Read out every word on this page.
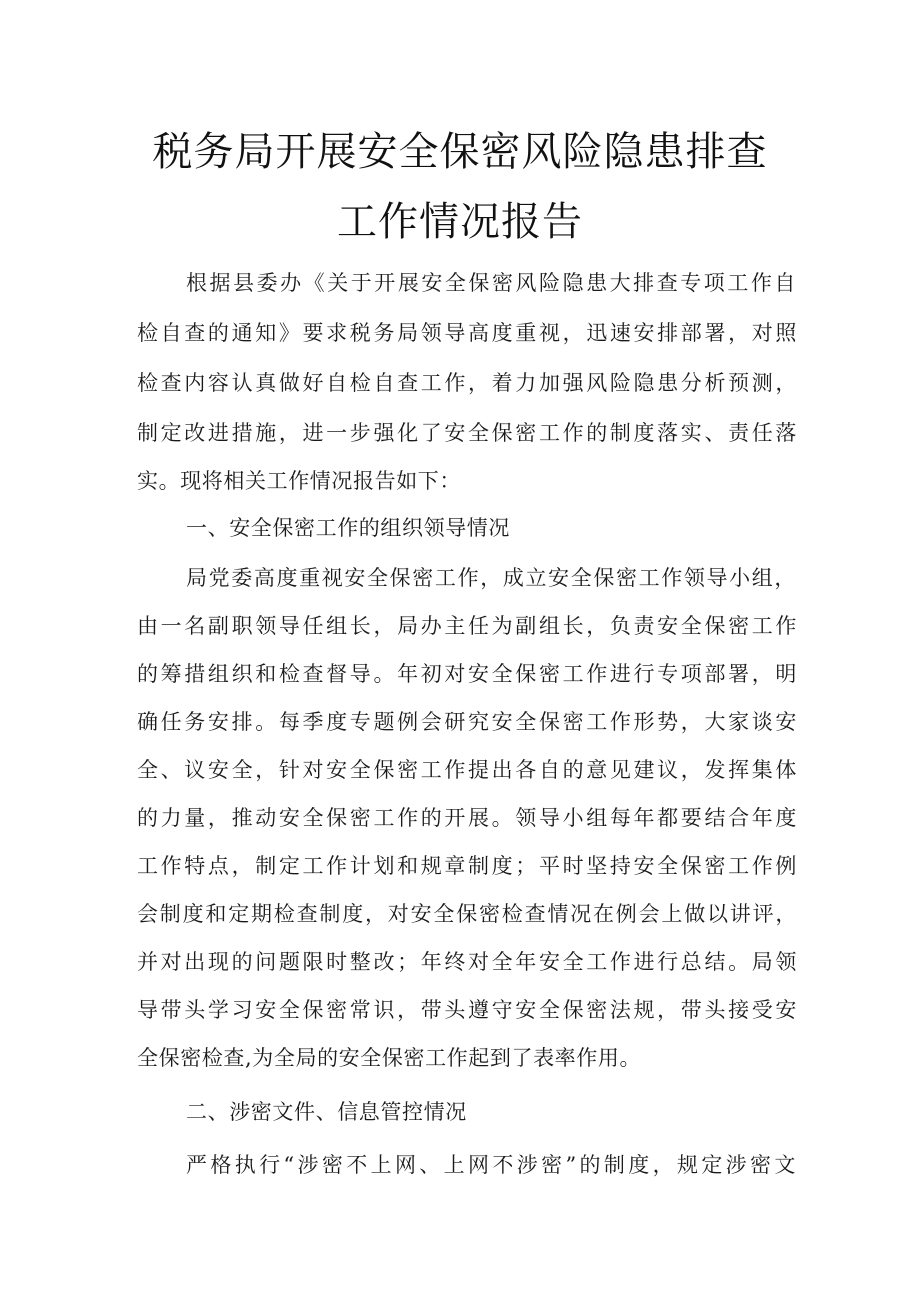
税务局开展安全保密风险隐患排查
工作情况报告
根据县委办《关于开展安全保密风险隐患大排查专项工作自
检自查的通知》要求税务局领导高度重视，迅速安排部署，对照
检查内容认真做好自检自查工作，着力加强风险隐患分析预测，
制定改进措施，进一步强化了安全保密工作的制度落实、责任落
实。现将相关工作情况报告如下：
一、安全保密工作的组织领导情况
局党委高度重视安全保密工作，成立安全保密工作领导小组，
由一名副职领导任组长，局办主任为副组长，负责安全保密工作
的筹措组织和检查督导。年初对安全保密工作进行专项部署，明
确任务安排。每季度专题例会研究安全保密工作形势，大家谈安
全、议安全，针对安全保密工作提出各自的意见建议，发挥集体
的力量，推动安全保密工作的开展。领导小组每年都要结合年度
工作特点，制定工作计划和规章制度；平时坚持安全保密工作例
会制度和定期检查制度，对安全保密检查情况在例会上做以讲评，
并对出现的问题限时整改；年终对全年安全工作进行总结。局领
导带头学习安全保密常识，带头遵守安全保密法规，带头接受安
全保密检查,为全局的安全保密工作起到了表率作用。
二、涉密文件、信息管控情况
严格执行“涉密不上网、上网不涉密”的制度，规定涉密文
